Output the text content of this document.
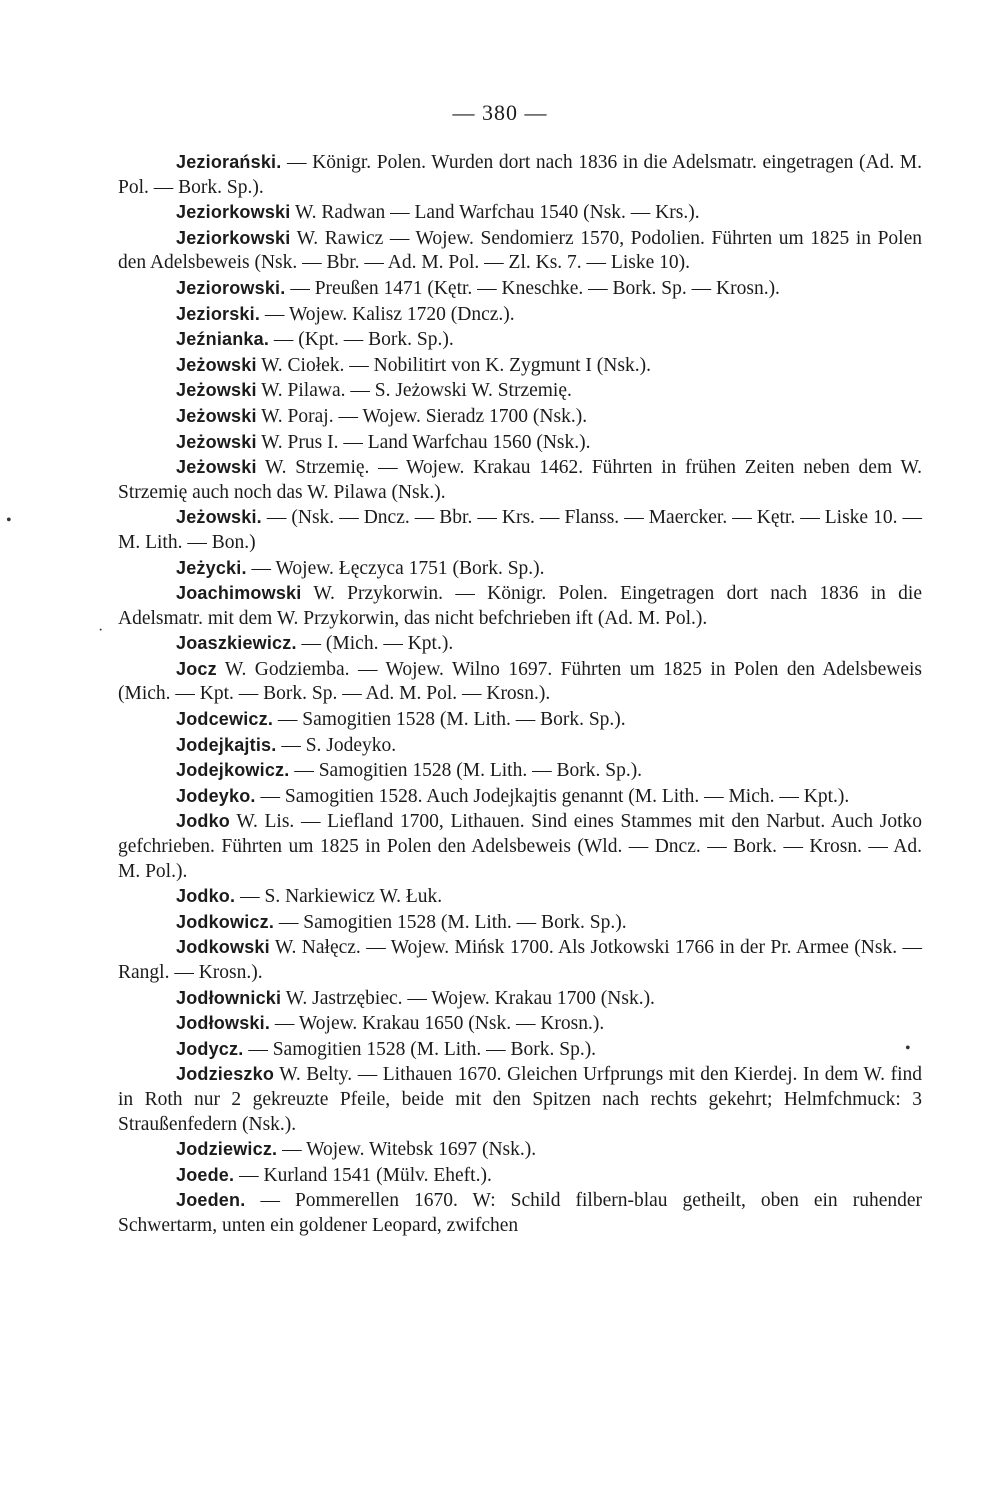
— 380 —
•
·
•

Jeziorański. — Königr. Polen. Wurden dort nach 1836 in die Adelsmatr. eingetragen (Ad. M. Pol. — Bork. Sp.).

Jeziorkowski W. Radwan — Land Warfchau 1540 (Nsk. — Krs.).

Jeziorkowski W. Rawicz — Wojew. Sendomierz 1570, Podolien. Führten um 1825 in Polen den Adelsbeweis (Nsk. — Bbr. — Ad. M. Pol. — Zl. Ks. 7. — Liske 10).

Jeziorowski. — Preußen 1471 (Kętr. — Kneschke. — Bork. Sp. — Krosn.).

Jeziorski. — Wojew. Kalisz 1720 (Dncz.).

Jeźnianka. — (Kpt. — Bork. Sp.).

Jeżowski W. Ciołek. — Nobilitirt von K. Zygmunt I (Nsk.).

Jeżowski W. Pilawa. — S. Jeżowski W. Strzemię.

Jeżowski W. Poraj. — Wojew. Sieradz 1700 (Nsk.).

Jeżowski W. Prus I. — Land Warfchau 1560 (Nsk.).

Jeżowski W. Strzemię. — Wojew. Krakau 1462. Führten in frühen Zeiten neben dem W. Strzemię auch noch das W. Pilawa (Nsk.).

Jeżowski. — (Nsk. — Dncz. — Bbr. — Krs. — Flanss. — Maercker. — Kętr. — Liske 10. — M. Lith. — Bon.)

Jeżycki. — Wojew. Łęczyca 1751 (Bork. Sp.).

Joachimowski W. Przykorwin. — Königr. Polen. Eingetragen dort nach 1836 in die Adelsmatr. mit dem W. Przykorwin, das nicht befchrieben ift (Ad. M. Pol.).

Joaszkiewicz. — (Mich. — Kpt.).

Jocz W. Godziemba. — Wojew. Wilno 1697. Führten um 1825 in Polen den Adelsbeweis (Mich. — Kpt. — Bork. Sp. — Ad. M. Pol. — Krosn.).

Jodcewicz. — Samogitien 1528 (M. Lith. — Bork. Sp.).

Jodejkajtis. — S. Jodeyko.

Jodejkowicz. — Samogitien 1528 (M. Lith. — Bork. Sp.).

Jodeyko. — Samogitien 1528. Auch Jodejkajtis genannt (M. Lith. — Mich. — Kpt.).

Jodko W. Lis. — Liefland 1700, Lithauen. Sind eines Stammes mit den Narbut. Auch Jotko gefchrieben. Führten um 1825 in Polen den Adelsbeweis (Wld. — Dncz. — Bork. — Krosn. — Ad. M. Pol.).

Jodko. — S. Narkiewicz W. Łuk.

Jodkowicz. — Samogitien 1528 (M. Lith. — Bork. Sp.).

Jodkowski W. Nałęcz. — Wojew. Mińsk 1700. Als Jotkowski 1766 in der Pr. Armee (Nsk. — Rangl. — Krosn.).

Jodłownicki W. Jastrzębiec. — Wojew. Krakau 1700 (Nsk.).

Jodłowski. — Wojew. Krakau 1650 (Nsk. — Krosn.).

Jodycz. — Samogitien 1528 (M. Lith. — Bork. Sp.).

Jodzieszko W. Belty. — Lithauen 1670. Gleichen Urfprungs mit den Kierdej. In dem W. find in Roth nur 2 gekreuzte Pfeile, beide mit den Spitzen nach rechts gekehrt; Helmfchmuck: 3 Straußenfedern (Nsk.).

Jodziewicz. — Wojew. Witebsk 1697 (Nsk.).

Joede. — Kurland 1541 (Mülv. Eheft.).

Joeden. — Pommerellen 1670. W: Schild filbern-blau getheilt, oben ein ruhender Schwertarm, unten ein goldener Leopard, zwifchen
